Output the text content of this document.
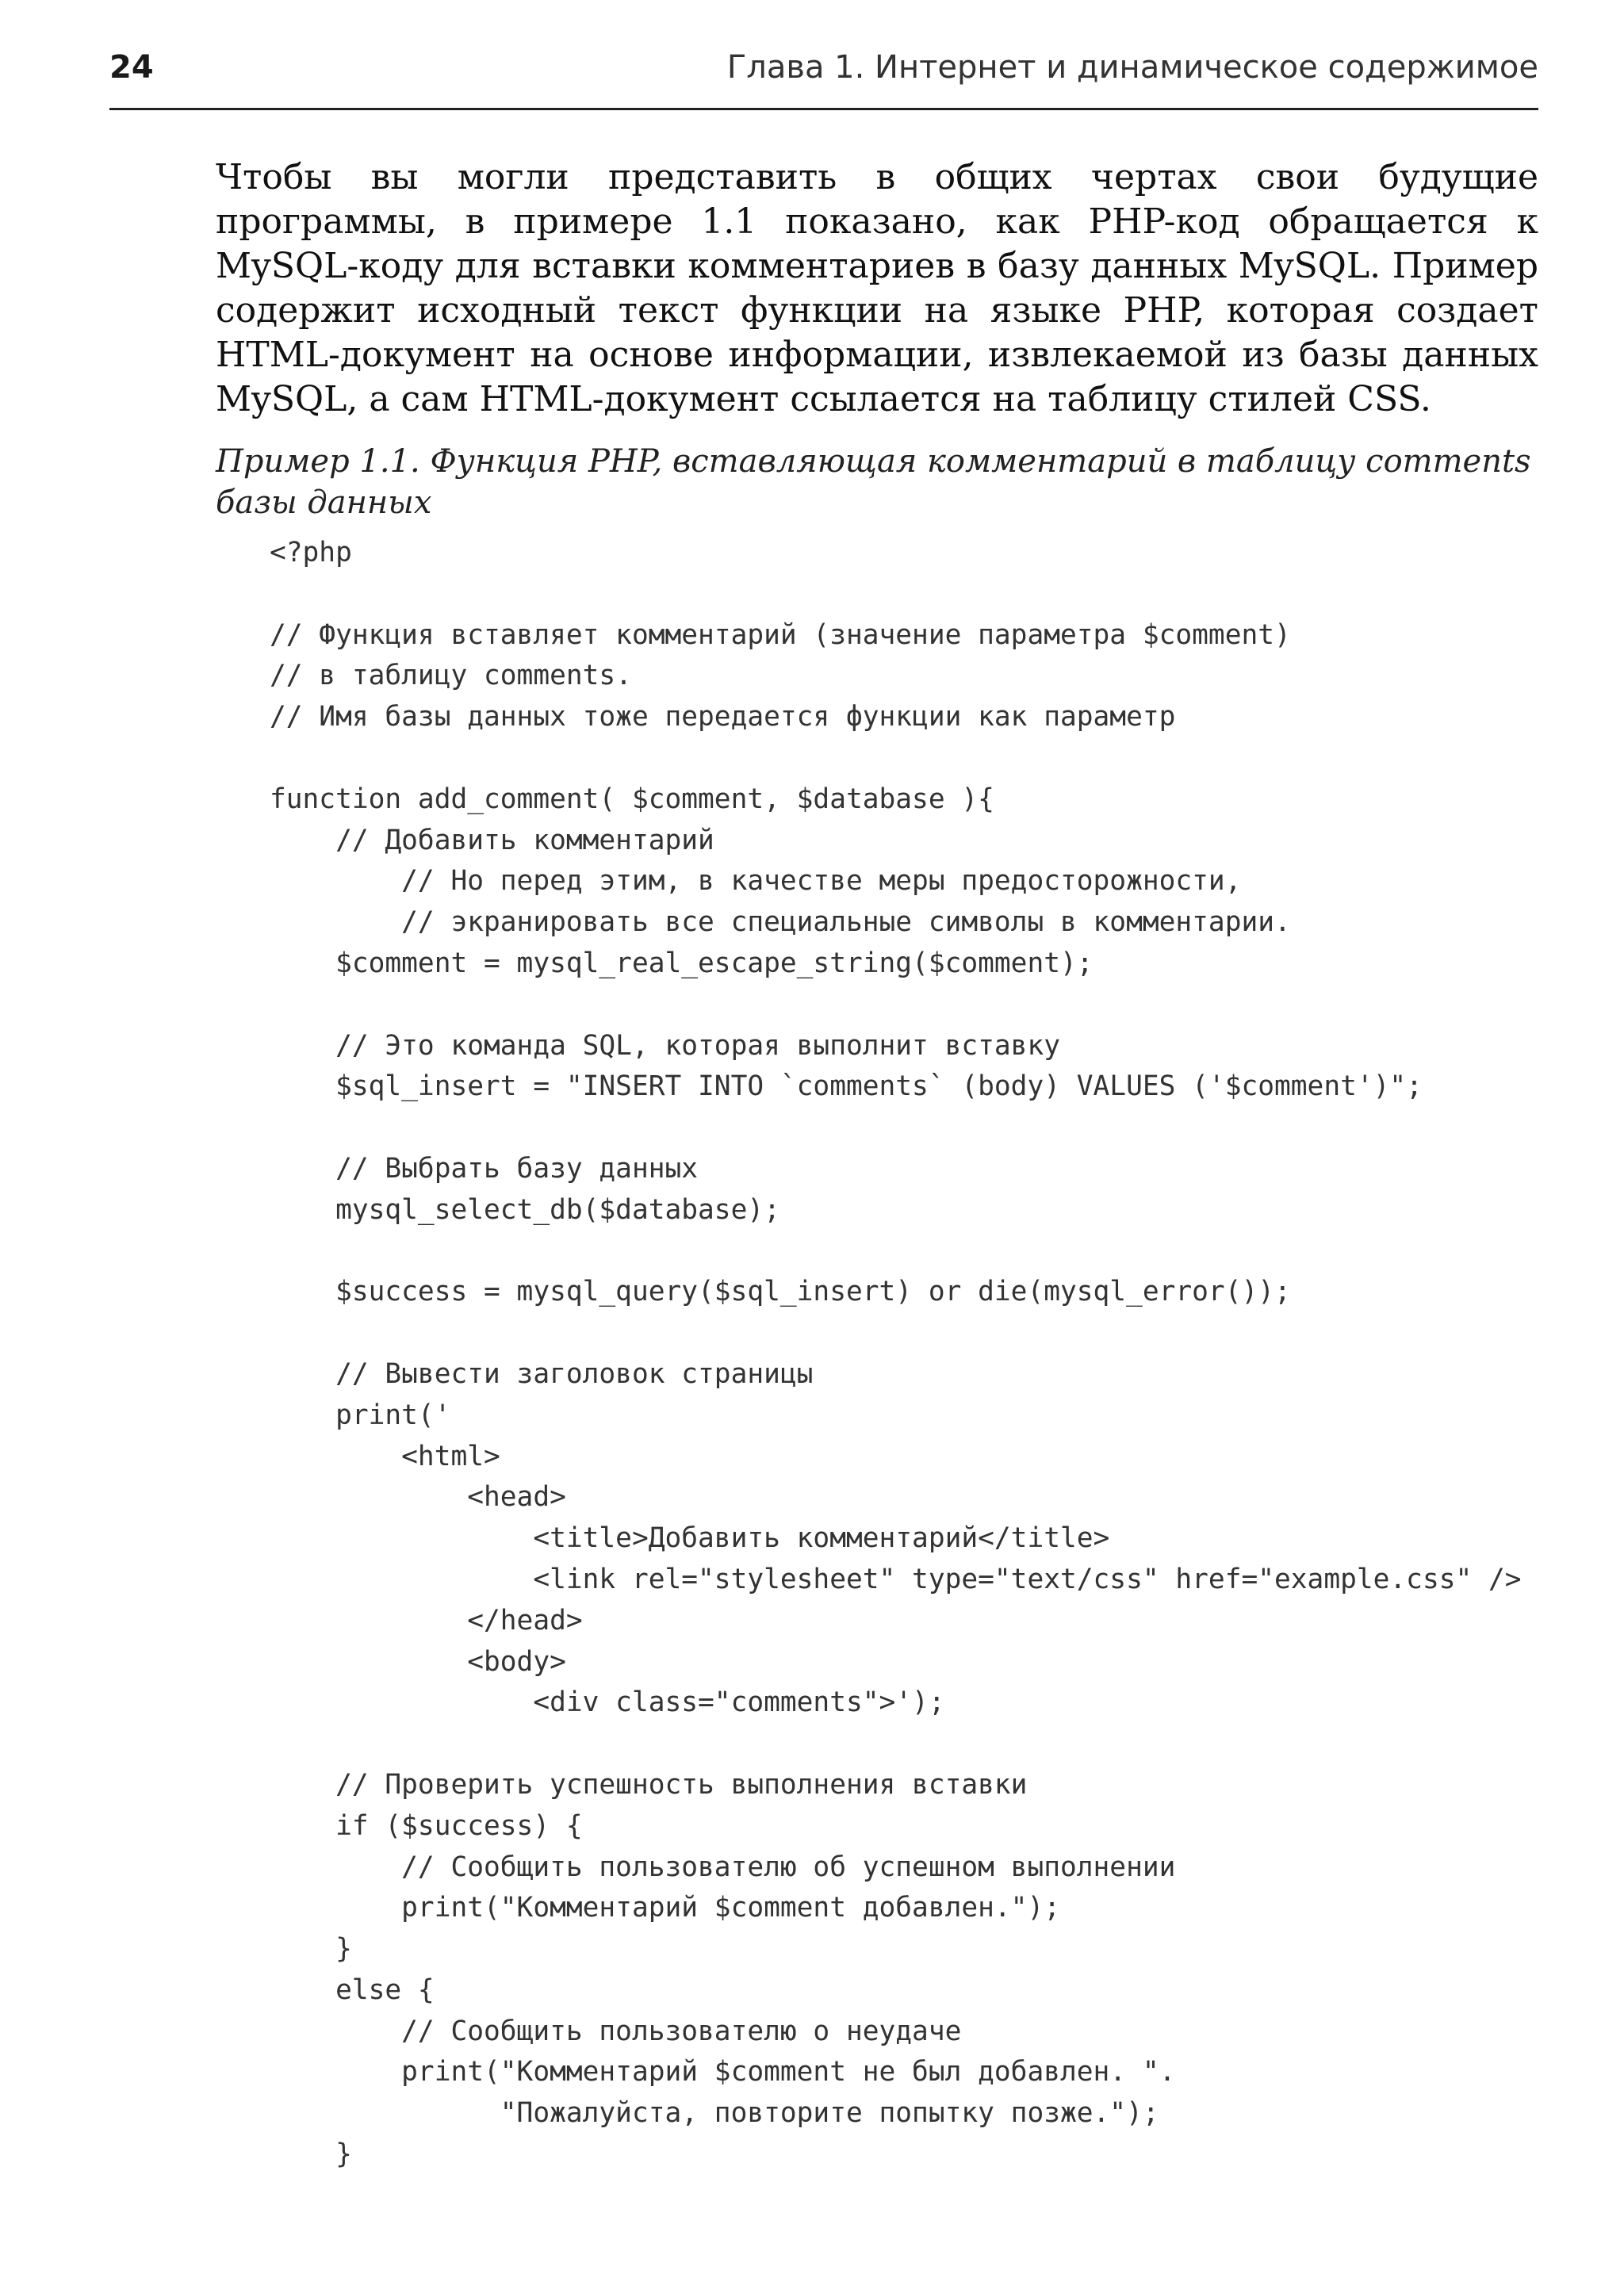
24	Глава 1. Интернет и динамическое содержимое
Чтобы вы могли представить в общих чертах свои будущие программы, в примере 1.1 показано, как PHP-код обращается к MySQL-коду для вставки комментариев в базу данных MySQL. Пример содержит исходный текст функции на языке PHP, которая создает HTML-документ на основе информации, извлекаемой из базы данных MySQL, а сам HTML-документ ссылается на таблицу стилей CSS.
Пример 1.1. Функция PHP, вставляющая комментарий в таблицу comments базы данных
<?php
// Функция вставляет комментарий (значение параметра $comment)
// в таблицу comments.
// Имя базы данных тоже передается функции как параметр
function add_comment( $comment, $database ){
// Добавить комментарий
// Но перед этим, в качестве меры предосторожности,
// экранировать все специальные символы в комментарии.
$comment = mysql_real_escape_string($comment);
// Это команда SQL, которая выполнит вставку
$sql_insert = "INSERT INTO `comments` (body) VALUES ('$comment')";
// Выбрать базу данных
mysql_select_db($database);
$success = mysql_query($sql_insert) or die(mysql_error());
// Вывести заголовок страницы
print('
<html>
<head>
<title>Добавить комментарий</title>
<link rel="stylesheet" type="text/css" href="example.css" />
</head>
<body>
<div class="comments">');
// Проверить успешность выполнения вставки
if ($success) {
// Сообщить пользователю об успешном выполнении
print("Комментарий $comment добавлен.");
}
else {
// Сообщить пользователю о неудаче
print("Комментарий $comment не был добавлен. ".
"Пожалуйста, повторите попытку позже.");
}
